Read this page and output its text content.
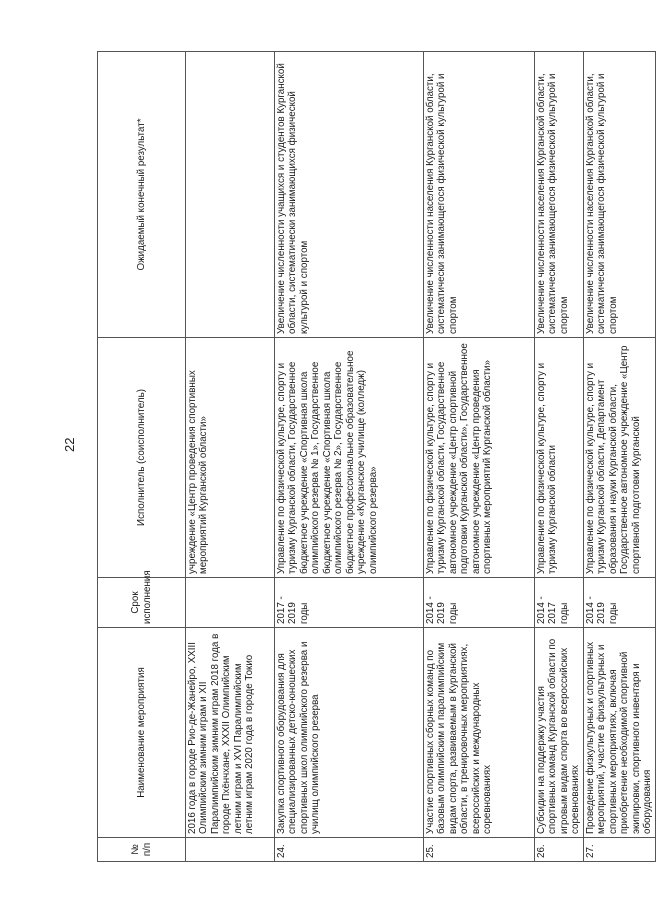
22
№
п/п	Наименование мероприятия	Срок исполнения	Исполнитель (соисполнитель)	Ожидаемый конечный результат*
	2016 года в городе Рио-де-Жанейро, XXIII Олимпийским зимним играм и XII Паралимпийским зимним играм 2018 года в городе Пхёнчхане, XXXII Олимпийским летним играм и XVI Паралимпийским летним играм 2020 года в городе Токио		учреждение «Центр проведения спортивных мероприятий Курганской области»	
24.	Закупка спортивного оборудования для специализированных детско-юношеских спортивных школ олимпийского резерва и училищ олимпийского резерва	2017 - 2019 годы	Управление по физической культуре, спорту и туризму Курганской области, Государственное бюджетное учреждение «Спортивная школа олимпийского резерва № 1», Государственное бюджетное учреждение «Спортивная школа олимпийского резерва № 2», Государственное бюджетное профессиональное образовательное учреждение «Курганское училище (колледж) олимпийского резерва»	Увеличение численности учащихся и студентов Курганской области, систематически занимающихся физической культурой и спортом
25.	Участие спортивных сборных команд по базовым олимпийским и паралимпийским видам спорта, развиваемым в Курганской области, в тренировочных мероприятиях, всероссийских и международных соревнованиях	2014 - 2019 годы	Управление по физической культуре, спорту и туризму Курганской области, Государственное автономное учреждение «Центр спортивной подготовки Курганской области», Государственное автономное учреждение «Центр проведения спортивных мероприятий Курганской области»	Увеличение численности населения Курганской области, систематически занимающегося физической культурой и спортом
26.	Субсидии на поддержку участия спортивных команд Курганской области по игровым видам спорта во всероссийских соревнованиях	2014 - 2017 годы	Управление по физической культуре, спорту и туризму Курганской области	Увеличение численности населения Курганской области, систематически занимающегося физической культурой и спортом
27.	Проведение физкультурных и спортивных мероприятий, участие в физкультурных и спортивных мероприятиях, включая приобретение необходимой спортивной экипировки, спортивного инвентаря и оборудования	2014 - 2019 годы	Управление по физической культуре, спорту и туризму Курганской области, Департамент образования и науки Курганской области, Государственное автономное учреждение «Центр спортивной подготовки Курганской	Увеличение численности населения Курганской области, систематически занимающегося физической культурой и спортом
